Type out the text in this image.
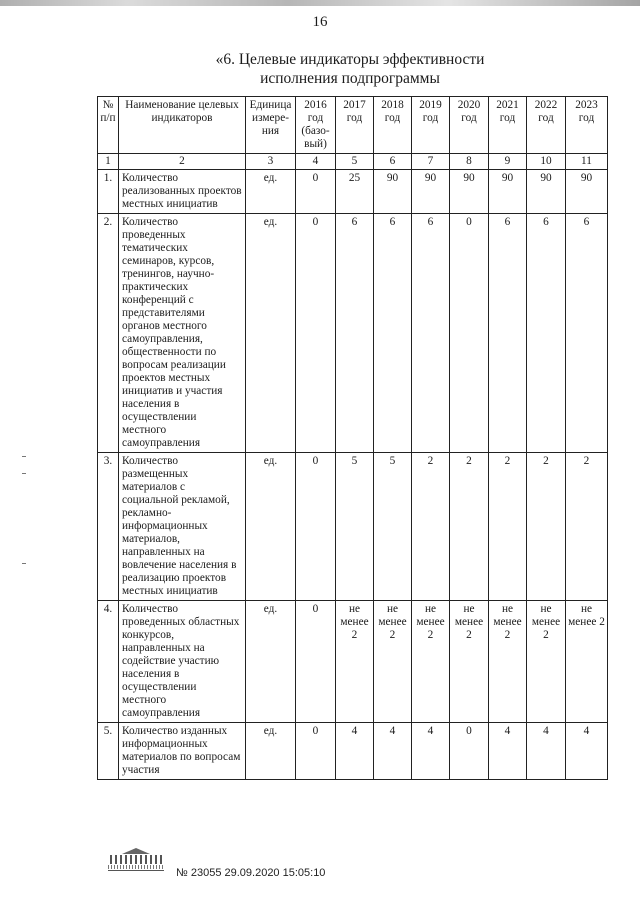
16
«6. Целевые индикаторы эффективности
исполнения подпрограммы
№ п/п	Наименование целевых индикаторов	Единица измере-ния	2016 год (базо-вый)	2017 год	2018 год	2019 год	2020 год	2021 год	2022 год	2023 год
1	2	3	4	5	6	7	8	9	10	11
1.	Количество реализованных проектов местных инициатив	ед.	0	25	90	90	90	90	90	90
2.	Количество проведенных тематических семинаров, курсов, тренингов, научно-практических конференций с представителями органов местного самоуправления, общественности по вопросам реализации проектов местных инициатив и участия населения в осуществлении местного самоуправления	ед.	0	6	6	6	0	6	6	6
3.	Количество размещенных материалов с социальной рекламой, рекламно-информационных материалов, направленных на вовлечение населения в реализацию проектов местных инициатив	ед.	0	5	5	2	2	2	2	2
4.	Количество проведенных областных конкурсов, направленных на содействие участию населения в осуществлении местного самоуправления	ед.	0	не менее 2	не менее 2	не менее 2	не менее 2	не менее 2	не менее 2	не менее 2
5.	Количество изданных информационных материалов по вопросам участия	ед.	0	4	4	4	0	4	4	4
№ 23055 29.09.2020 15:05:10
